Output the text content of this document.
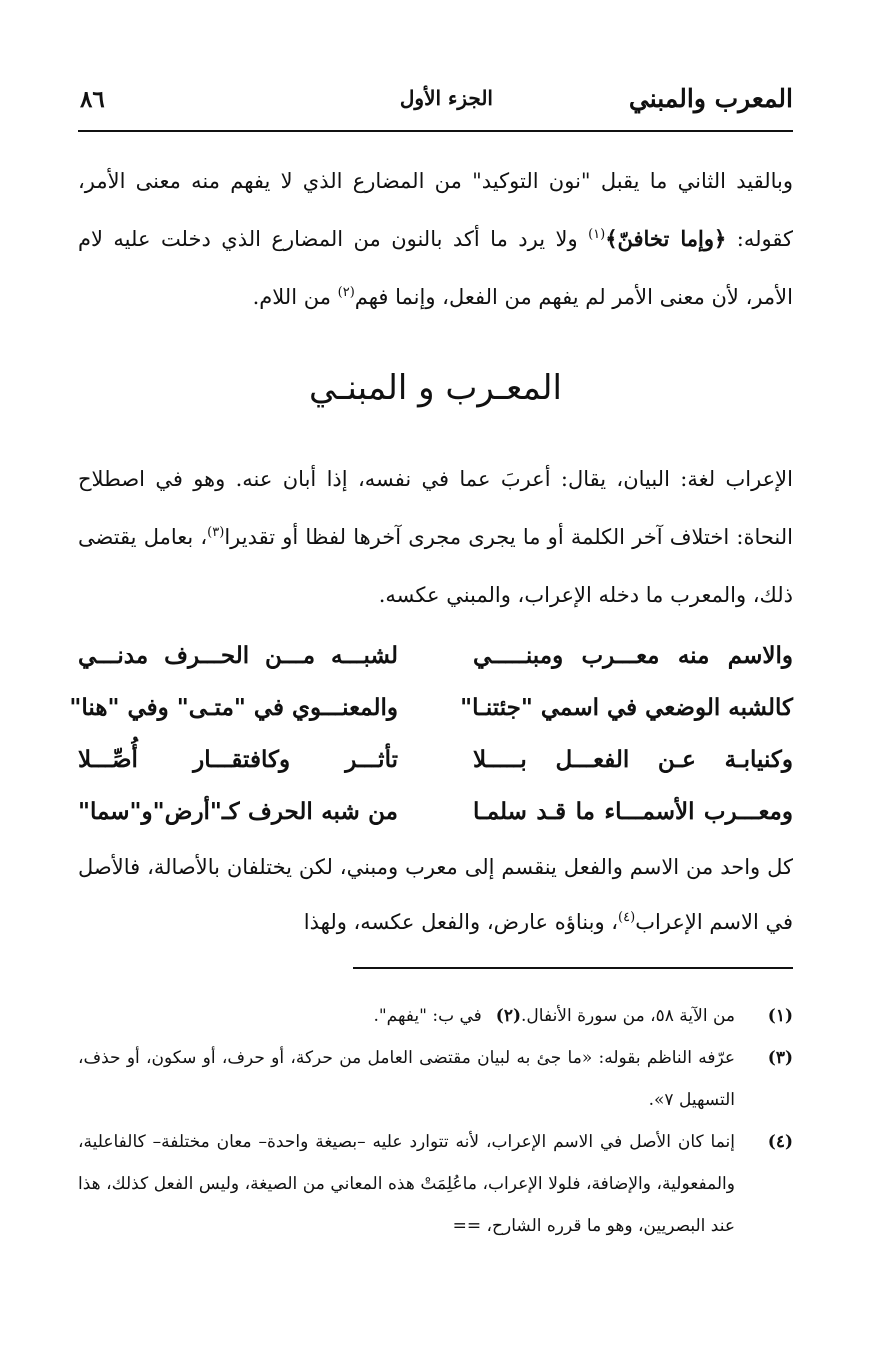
المعرب والمبني
الجزء الأول
٨٦

وبالقيد الثاني ما يقبل "نون التوكيد" من المضارع الذي لا يفهم منه معنى الأمر، كقوله: ﴿وإما تخافنّ﴾$^{(١)}$ ولا يرد ما أكد بالنون من المضارع الذي دخلت عليه لام الأمر، لأن معنى الأمر لم يفهم من الفعل، وإنما فهم$^{(٢)}$ من اللام.

المعـرب و المبنـي

الإعراب لغة: البيان، يقال: أعربَ عما في نفسه، إذا أبان عنه. وهو في اصطلاح النحاة: اختلاف آخر الكلمة أو ما يجرى مجرى آخرها لفظا أو تقديرا$^{(٣)}$، بعامل يقتضى ذلك، والمعرب ما دخله الإعراب، والمبني عكسه.

والاسم منه معـــرب ومبنـــــي
لشبـــه مـــن الحـــرف مدنـــي
كالشبه الوضعي في اسمي "جئتنـا"
والمعنـــوي في "متـى" وفي "هنا"
وكنيابـة عـن الفعـــل بـــــلا
تأثـــر وكافتقـــار أُصِّـــلا
ومعـــرب الأسمـــاء ما قـد سلمـا
من شبه الحرف كـ"أرض"و"سما"

كل واحد من الاسم والفعل ينقسم إلى معرب ومبني، لكن يختلفان بالأصالة، فالأصل في الاسم الإعراب$^{(٤)}$، وبناؤه عارض، والفعل عكسه، ولهذا

(١)
من الآية ٥٨، من سورة الأنفال.(٢)في ب: "يفهم".
(٣)
عرّفه الناظم بقوله: «ما جئ به لبيان مقتضى العامل من حركة، أو حرف، أو سكون، أو حذف، التسهيل ٧».
(٤)
إنما كان الأصل في الاسم الإعراب، لأنه تتوارد عليه –بصيغة واحدة– معان مختلفة– كالفاعلية، والمفعولية، والإضافة، فلولا الإعراب، ماعُلِمَتْ هذه المعاني من الصيغة، وليس الفعل كذلك، هذا عند البصريين، وهو ما قرره الشارح، ==
